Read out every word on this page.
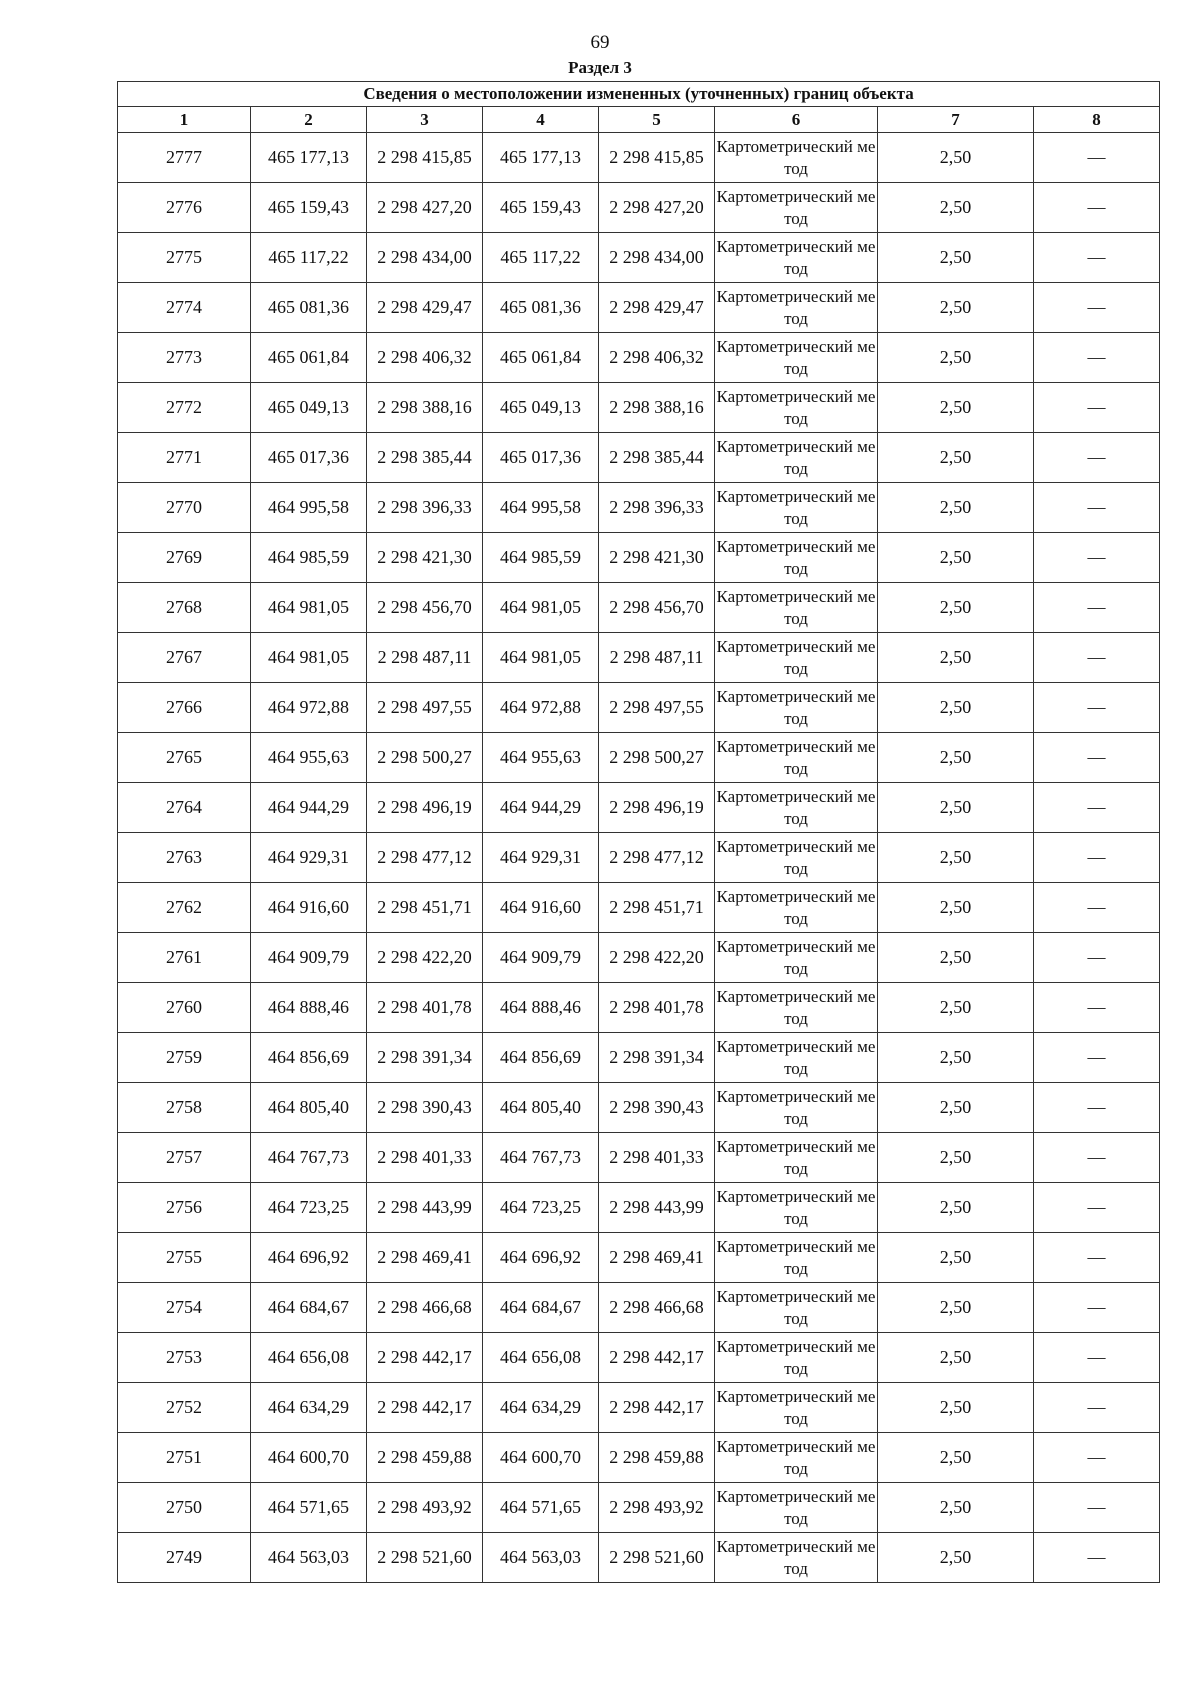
69
Раздел 3
Сведения о местоположении измененных (уточненных) границ объекта							
1	2	3	4	5	6	7	8
2777	465 177,13	2 298 415,85	465 177,13	2 298 415,85	Картометрический метод	2,50	—
2776	465 159,43	2 298 427,20	465 159,43	2 298 427,20	Картометрический метод	2,50	—
2775	465 117,22	2 298 434,00	465 117,22	2 298 434,00	Картометрический метод	2,50	—
2774	465 081,36	2 298 429,47	465 081,36	2 298 429,47	Картометрический метод	2,50	—
2773	465 061,84	2 298 406,32	465 061,84	2 298 406,32	Картометрический метод	2,50	—
2772	465 049,13	2 298 388,16	465 049,13	2 298 388,16	Картометрический метод	2,50	—
2771	465 017,36	2 298 385,44	465 017,36	2 298 385,44	Картометрический метод	2,50	—
2770	464 995,58	2 298 396,33	464 995,58	2 298 396,33	Картометрический метод	2,50	—
2769	464 985,59	2 298 421,30	464 985,59	2 298 421,30	Картометрический метод	2,50	—
2768	464 981,05	2 298 456,70	464 981,05	2 298 456,70	Картометрический метод	2,50	—
2767	464 981,05	2 298 487,11	464 981,05	2 298 487,11	Картометрический метод	2,50	—
2766	464 972,88	2 298 497,55	464 972,88	2 298 497,55	Картометрический метод	2,50	—
2765	464 955,63	2 298 500,27	464 955,63	2 298 500,27	Картометрический метод	2,50	—
2764	464 944,29	2 298 496,19	464 944,29	2 298 496,19	Картометрический метод	2,50	—
2763	464 929,31	2 298 477,12	464 929,31	2 298 477,12	Картометрический метод	2,50	—
2762	464 916,60	2 298 451,71	464 916,60	2 298 451,71	Картометрический метод	2,50	—
2761	464 909,79	2 298 422,20	464 909,79	2 298 422,20	Картометрический метод	2,50	—
2760	464 888,46	2 298 401,78	464 888,46	2 298 401,78	Картометрический метод	2,50	—
2759	464 856,69	2 298 391,34	464 856,69	2 298 391,34	Картометрический метод	2,50	—
2758	464 805,40	2 298 390,43	464 805,40	2 298 390,43	Картометрический метод	2,50	—
2757	464 767,73	2 298 401,33	464 767,73	2 298 401,33	Картометрический метод	2,50	—
2756	464 723,25	2 298 443,99	464 723,25	2 298 443,99	Картометрический метод	2,50	—
2755	464 696,92	2 298 469,41	464 696,92	2 298 469,41	Картометрический метод	2,50	—
2754	464 684,67	2 298 466,68	464 684,67	2 298 466,68	Картометрический метод	2,50	—
2753	464 656,08	2 298 442,17	464 656,08	2 298 442,17	Картометрический метод	2,50	—
2752	464 634,29	2 298 442,17	464 634,29	2 298 442,17	Картометрический метод	2,50	—
2751	464 600,70	2 298 459,88	464 600,70	2 298 459,88	Картометрический метод	2,50	—
2750	464 571,65	2 298 493,92	464 571,65	2 298 493,92	Картометрический метод	2,50	—
2749	464 563,03	2 298 521,60	464 563,03	2 298 521,60	Картометрический метод	2,50	—
